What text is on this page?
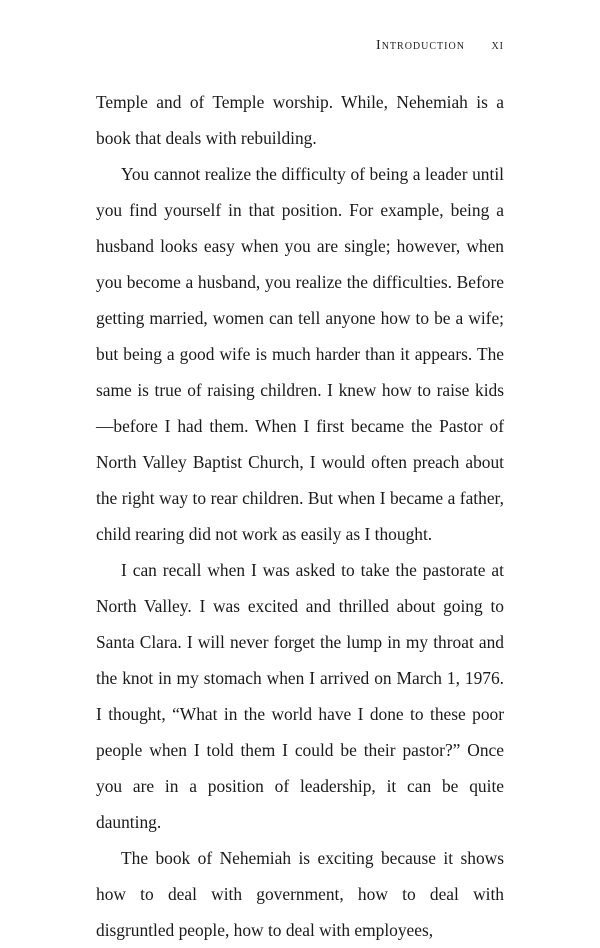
Introduction xi

Temple and of Temple worship. While, Nehemiah is a book that deals with rebuilding.

You cannot realize the difficulty of being a leader until you find yourself in that position. For example, being a husband looks easy when you are single; however, when you become a husband, you realize the difficulties. Before getting married, women can tell anyone how to be a wife; but being a good wife is much harder than it appears. The same is true of raising children. I knew how to raise kids—before I had them. When I first became the Pastor of North Valley Baptist Church, I would often preach about the right way to rear children. But when I became a father, child rearing did not work as easily as I thought.

I can recall when I was asked to take the pastorate at North Valley. I was excited and thrilled about going to Santa Clara. I will never forget the lump in my throat and the knot in my stomach when I arrived on March 1, 1976. I thought, “What in the world have I done to these poor people when I told them I could be their pastor?” Once you are in a position of leadership, it can be quite daunting.

The book of Nehemiah is exciting because it shows how to deal with government, how to deal with disgruntled people, how to deal with employees,
